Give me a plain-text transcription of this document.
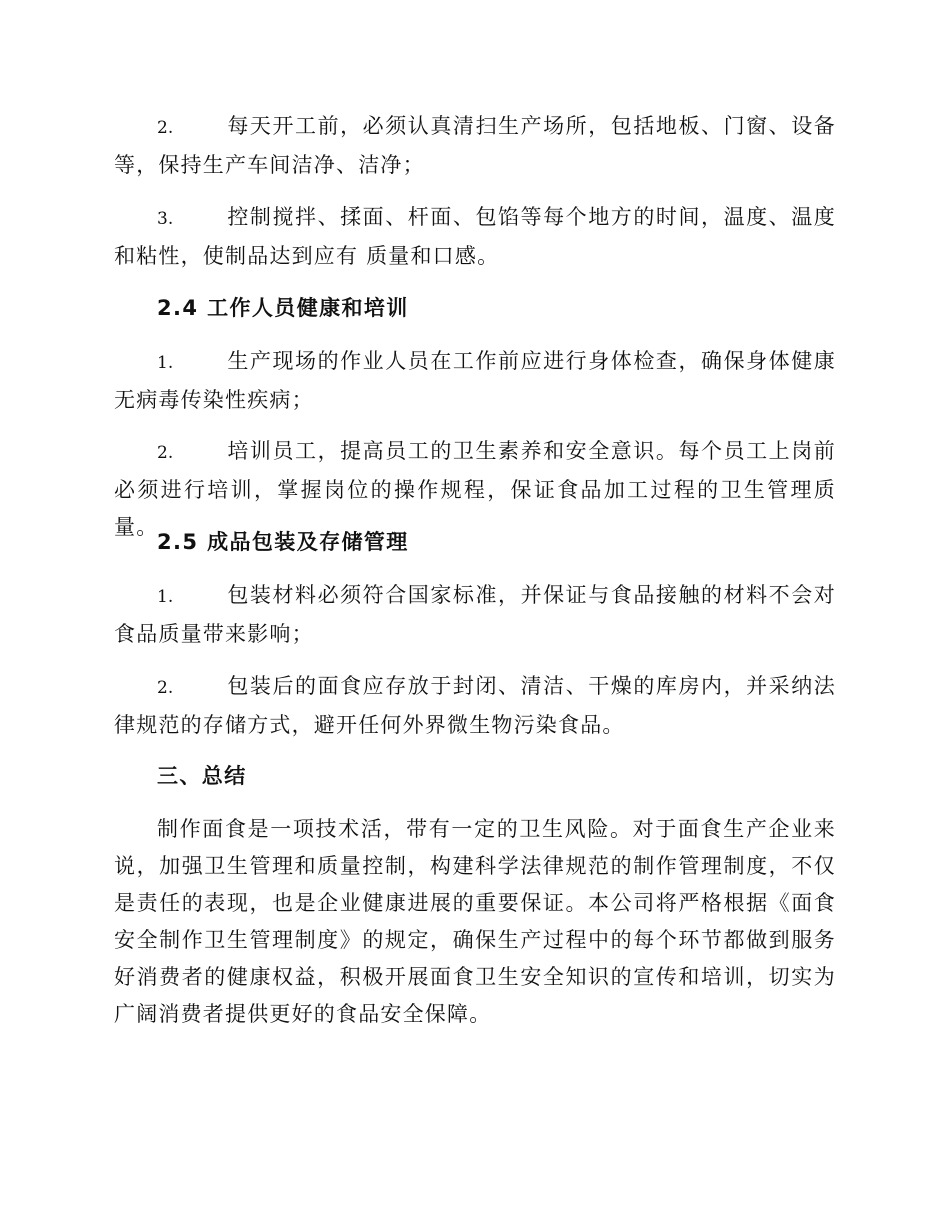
2.	每天开工前，必须认真清扫生产场所，包括地板、门窗、设备等，保持生产车间洁净、洁净；

3.	控制搅拌、揉面、杆面、包馅等每个地方的时间，温度、温度和粘性，使制品达到应有 质量和口感。

2.4 工作人员健康和培训

1.	生产现场的作业人员在工作前应进行身体检查，确保身体健康无病毒传染性疾病；

2.	培训员工，提高员工的卫生素养和安全意识。每个员工上岗前必须进行培训，掌握岗位的操作规程，保证食品加工过程的卫生管理质量。

2.5 成品包装及存储管理

1.	包装材料必须符合国家标准，并保证与食品接触的材料不会对食品质量带来影响；

2.	包装后的面食应存放于封闭、清洁、干燥的库房内，并采纳法律规范的存储方式，避开任何外界微生物污染食品。

三、总结

制作面食是一项技术活，带有一定的卫生风险。对于面食生产企业来说，加强卫生管理和质量控制，构建科学法律规范的制作管理制度，不仅是责任的表现，也是企业健康进展的重要保证。本公司将严格根据《面食安全制作卫生管理制度》的规定，确保生产过程中的每个环节都做到服务好消费者的健康权益，积极开展面食卫生安全知识的宣传和培训，切实为广阔消费者提供更好的食品安全保障。
